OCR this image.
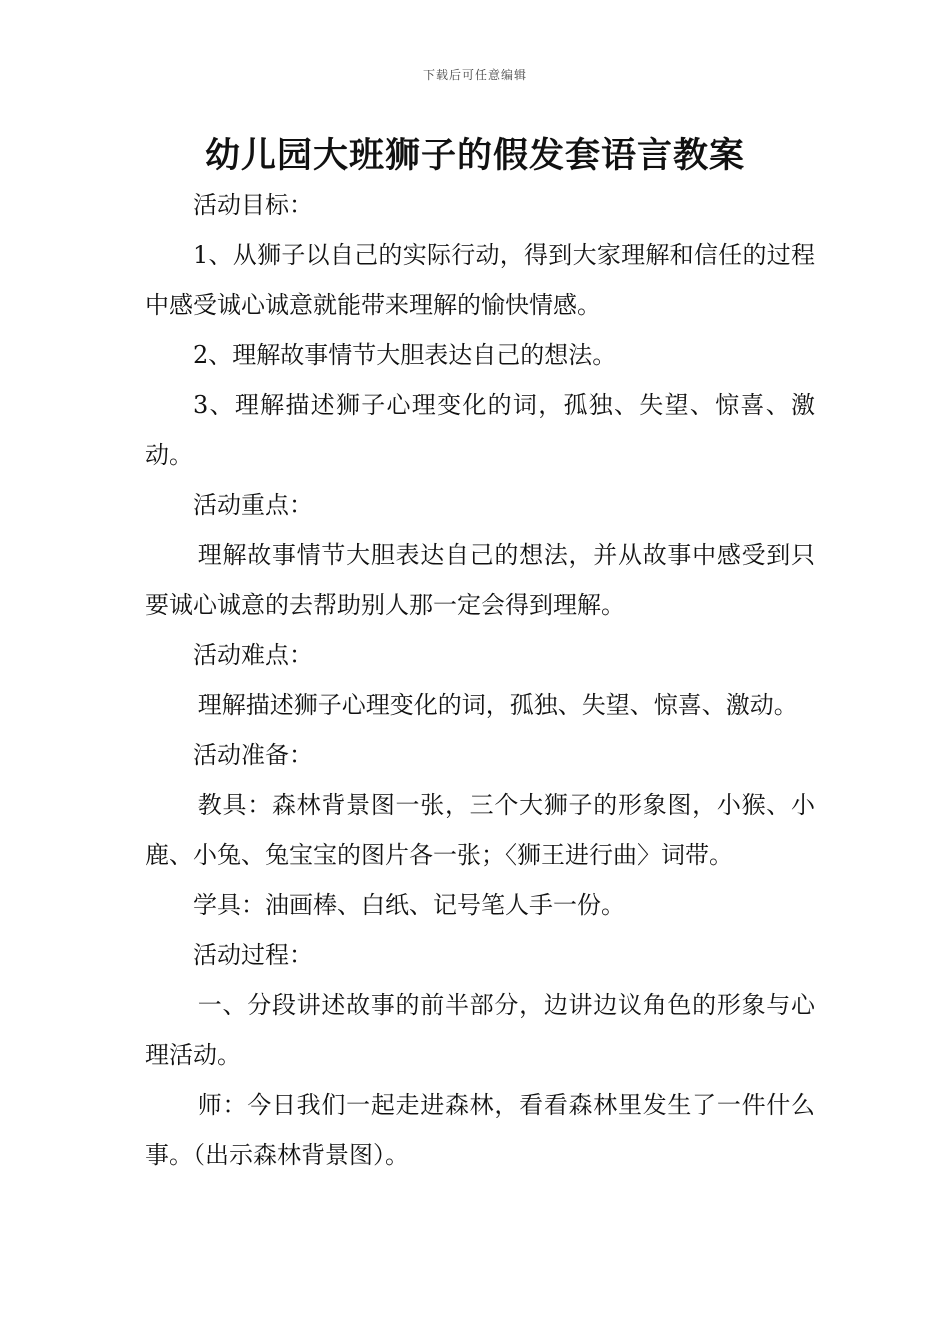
下载后可任意编辑
幼儿园大班狮子的假发套语言教案

活动目标：

1、从狮子以自己的实际行动，得到大家理解和信任的过程中感受诚心诚意就能带来理解的愉快情感。

2、理解故事情节大胆表达自己的想法。

3、理解描述狮子心理变化的词，孤独、失望、惊喜、激动。

活动重点：

理解故事情节大胆表达自己的想法，并从故事中感受到只要诚心诚意的去帮助别人那一定会得到理解。

活动难点：

理解描述狮子心理变化的词，孤独、失望、惊喜、激动。

活动准备：

教具：森林背景图一张，三个大狮子的形象图，小猴、小鹿、小兔、兔宝宝的图片各一张；〈狮王进行曲〉词带。

学具：油画棒、白纸、记号笔人手一份。

活动过程：

一、分段讲述故事的前半部分，边讲边议角色的形象与心理活动。

师：今日我们一起走进森林，看看森林里发生了一件什么事。（出示森林背景图）。
